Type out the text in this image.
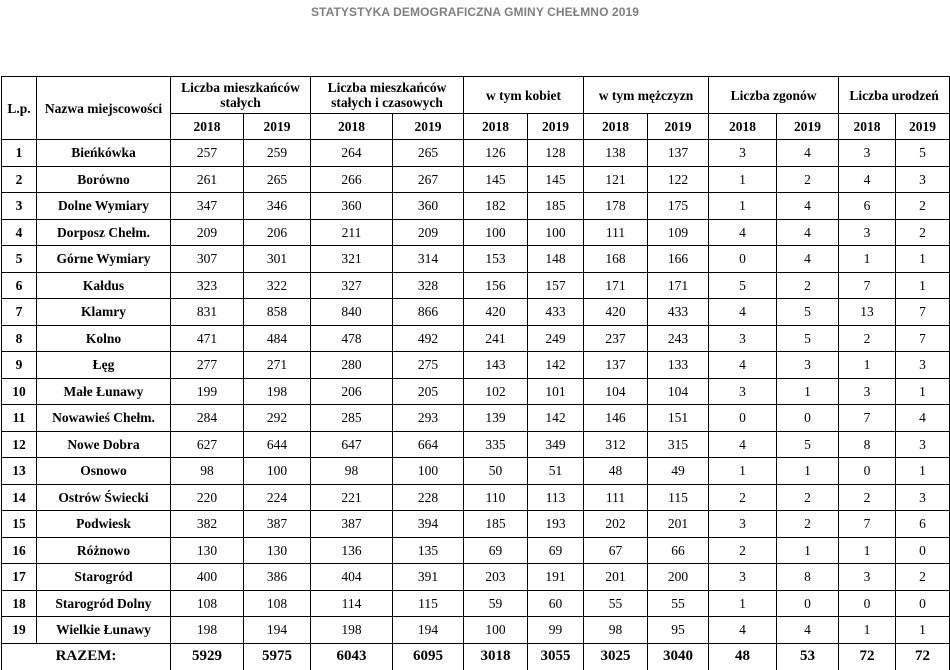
STATYSTYKA DEMOGRAFICZNA GMINY CHEŁMNO 2019
L.p.	Nazwa miejscowości	Liczba mieszkańców stałych		Liczba mieszkańców stałych i czasowych		w tym kobiet		w tym mężczyzn		Liczba zgonów		Liczba urodzeń	
		2018	2019	2018	2019	2018	2019	2018	2019	2018	2019	2018	2019
1	Bieńkówka	257	259	264	265	126	128	138	137	3	4	3	5
2	Borówno	261	265	266	267	145	145	121	122	1	2	4	3
3	Dolne Wymiary	347	346	360	360	182	185	178	175	1	4	6	2
4	Dorposz Chełm.	209	206	211	209	100	100	111	109	4	4	3	2
5	Górne Wymiary	307	301	321	314	153	148	168	166	0	4	1	1
6	Kałdus	323	322	327	328	156	157	171	171	5	2	7	1
7	Klamry	831	858	840	866	420	433	420	433	4	5	13	7
8	Kolno	471	484	478	492	241	249	237	243	3	5	2	7
9	Łęg	277	271	280	275	143	142	137	133	4	3	1	3
10	Małe Łunawy	199	198	206	205	102	101	104	104	3	1	3	1
11	Nowawieś Chełm.	284	292	285	293	139	142	146	151	0	0	7	4
12	Nowe Dobra	627	644	647	664	335	349	312	315	4	5	8	3
13	Osnowo	98	100	98	100	50	51	48	49	1	1	0	1
14	Ostrów Świecki	220	224	221	228	110	113	111	115	2	2	2	3
15	Podwiesk	382	387	387	394	185	193	202	201	3	2	7	6
16	Różnowo	130	130	136	135	69	69	67	66	2	1	1	0
17	Starogród	400	386	404	391	203	191	201	200	3	8	3	2
18	Starogród Dolny	108	108	114	115	59	60	55	55	1	0	0	0
19	Wielkie Łunawy	198	194	198	194	100	99	98	95	4	4	1	1
RAZEM:		5929	5975	6043	6095	3018	3055	3025	3040	48	53	72	72
